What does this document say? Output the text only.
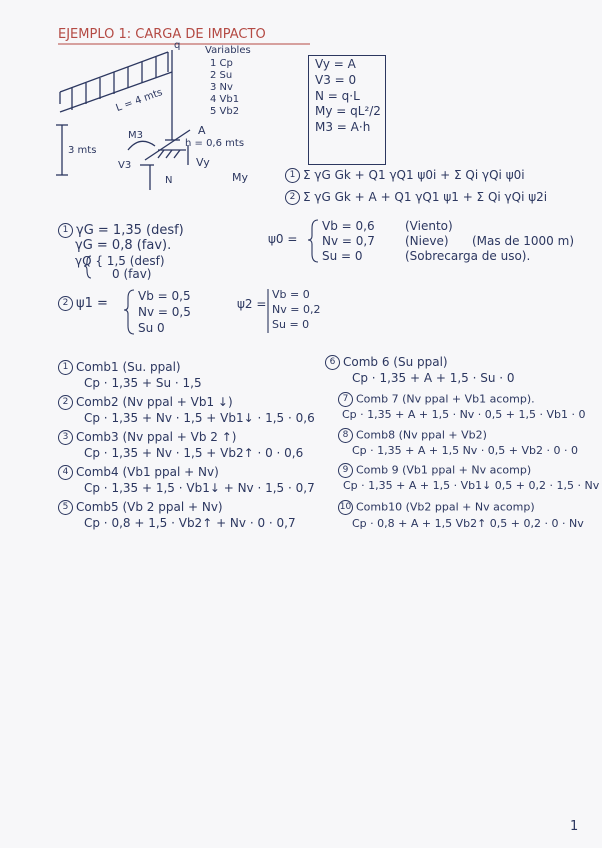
EJEMPLO 1: CARGA DE IMPACTO
q
L = 4 mts
3 mts
M3	A
h = 0,6 mts
V3
N
Vy
My
Variables
1 Cp
2 Su
3 Nv
4 Vb1
5 Vb2
Vy = A
V3 = 0
N = q·L
My = qL²/2
M3 = A·h
1 Σ γG Gk + Q1 γQ1 ψ0i + Σ Qi γQi ψ0i
2 Σ γG Gk + A + Q1 γQ1 ψ1 + Σ Qi γQi ψ2i
1 γG = 1,35 (desf)
γG = 0,8 (fav).
γQ { 1,5 (desf)
0 (fav)
ψ0 =
Vb = 0,6
Nv = 0,7
Su = 0
(Viento)
(Nieve)
(Sobrecarga de uso).
(Mas de 1000 m)
2 ψ1 =	Vb = 0,5
Nv = 0,5
Su 0
ψ2 =
Vb = 0
Nv = 0,2
Su = 0
1 Comb1 (Su. ppal)
Cp · 1,35 + Su · 1,5
2 Comb2 (Nv ppal + Vb1 ↓)
Cp · 1,35 + Nv · 1,5 + Vb1↓ · 1,5 · 0,6
3 Comb3 (Nv ppal + Vb 2 ↑)
Cp · 1,35 + Nv · 1,5 + Vb2↑ · 0 · 0,6
4 Comb4 (Vb1 ppal + Nv)
Cp · 1,35 + 1,5 · Vb1↓ + Nv · 1,5 · 0,7
5 Comb5 (Vb 2 ppal + Nv)
Cp · 0,8 + 1,5 · Vb2↑ + Nv · 0 · 0,7
6 Comb 6 (Su ppal)
Cp · 1,35 + A + 1,5 · Su · 0
7 Comb 7 (Nv ppal + Vb1 acomp).
Cp · 1,35 + A + 1,5 · Nv · 0,5 + 1,5 · Vb1 · 0
8 Comb8 (Nv ppal + Vb2)
Cp · 1,35 + A + 1,5 Nv · 0,5 + Vb2 · 0 · 0
9 Comb 9 (Vb1 ppal + Nv acomp)
Cp · 1,35 + A + 1,5 · Vb1↓ 0,5 + 0,2 · 1,5 · Nv
10 Comb10 (Vb2 ppal + Nv acomp)
Cp · 0,8 + A + 1,5 Vb2↑ 0,5 + 0,2 · 0 · Nv
1
